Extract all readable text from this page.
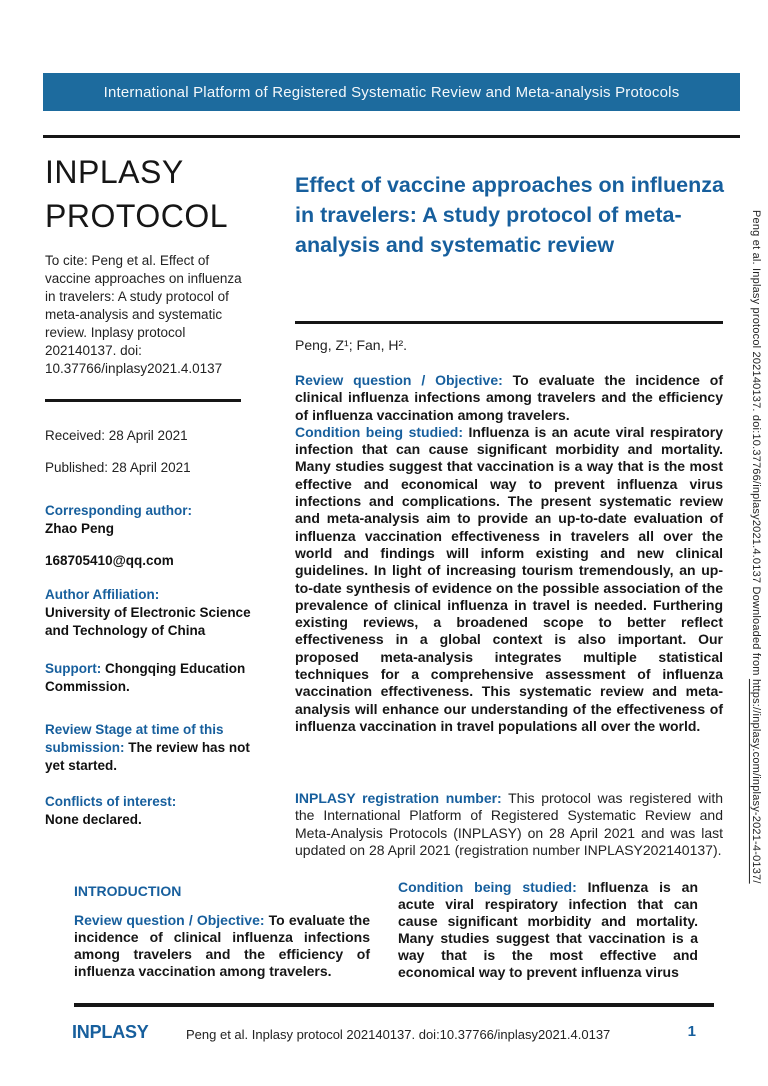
International Platform of Registered Systematic Review and Meta-analysis Protocols
INPLASY
PROTOCOL
To cite: Peng et al. Effect of vaccine approaches on influenza in travelers: A study protocol of meta-analysis and systematic review. Inplasy protocol 202140137. doi: 10.37766/inplasy2021.4.0137
Received: 28 April 2021
Published: 28 April 2021
Corresponding author:
Zhao Peng
168705410@qq.com
Author Affiliation:
University of Electronic Science and Technology of China
Support: Chongqing Education Commission.
Review Stage at time of this submission: The review has not yet started.
Conflicts of interest:
None declared.
Effect of vaccine approaches on influenza in travelers: A study protocol of meta-analysis and systematic review
Peng, Z¹; Fan, H².

Review question / Objective: To evaluate the incidence of clinical influenza infections among travelers and the efficiency of influenza vaccination among travelers.

Condition being studied: Influenza is an acute viral respiratory infection that can cause significant morbidity and mortality. Many studies suggest that vaccination is a way that is the most effective and economical way to prevent influenza virus infections and complications. The present systematic review and meta-analysis aim to provide an up-to-date evaluation of influenza vaccination effectiveness in travelers all over the world and findings will inform existing and new clinical guidelines. In light of increasing tourism tremendously, an up-to-date synthesis of evidence on the possible association of the prevalence of clinical influenza in travel is needed. Furthering existing reviews, a broadened scope to better reflect effectiveness in a global context is also important. Our proposed meta-analysis integrates multiple statistical techniques for a comprehensive assessment of influenza vaccination effectiveness. This systematic review and meta-analysis will enhance our understanding of the effectiveness of influenza vaccination in travel populations all over the world.

INPLASY registration number: This protocol was registered with the International Platform of Registered Systematic Review and Meta-Analysis Protocols (INPLASY) on 28 April 2021 and was last updated on 28 April 2021 (registration number INPLASY202140137).

INTRODUCTION

Review question / Objective: To evaluate the incidence of clinical influenza infections among travelers and the efficiency of influenza vaccination among travelers.

Condition being studied: Influenza is an acute viral respiratory infection that can cause significant morbidity and mortality. Many studies suggest that vaccination is a way that is the most effective and economical way to prevent influenza virus

INPLASY	Peng et al. Inplasy protocol 202140137. doi:10.37766/inplasy2021.4.0137	1
Peng et al. Inplasy protocol 202140137. doi:10.37766/inplasy2021.4.0137 Downloaded from https://inplasy.com/inplasy-2021-4-0137/
